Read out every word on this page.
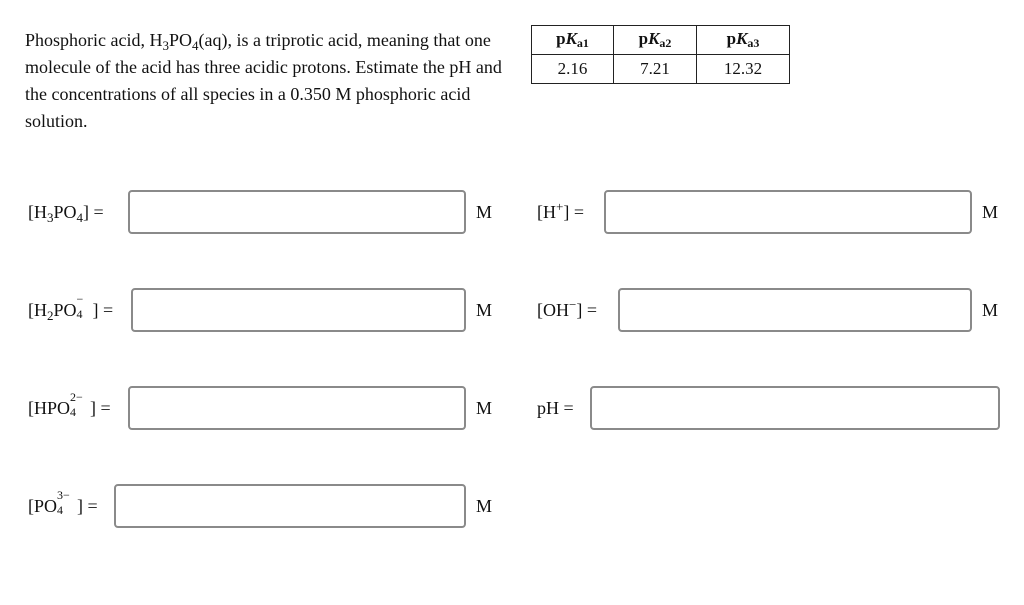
Phosphoric acid, $H_3PO_4(aq)$, is a triprotic acid, meaning that one molecule of the acid has three acidic protons. Estimate the pH and the concentrations of all species in a 0.350 M phosphoric acid solution.
pKa1	pKa2	pKa3
2.16	7.21	12.32
$[H_3PO_4]$ =	M
[$H_2PO$
−
4 ] =	M
[HPO
2−
4 ] =	M
[PO
3−
4 ] =	M
[H+] =	M
[OH−] =	M
pH =
